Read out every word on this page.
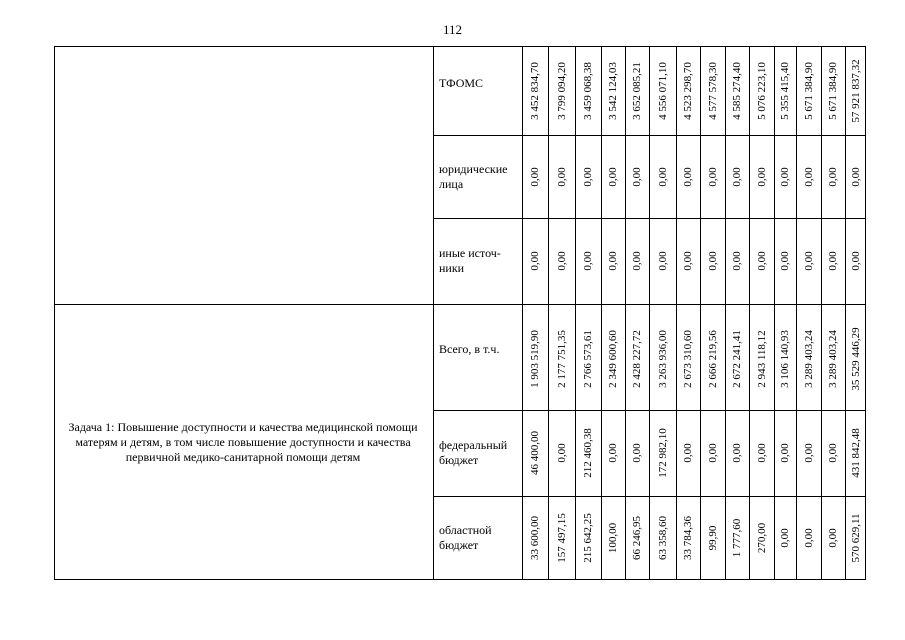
112
Задача 1: Повышение доступности и качества медицинской помощи матерям и детям, в том числе повышение доступности и качества первичной медико-санитарной помощи детям
ТФОМС	3 452 834,70 3 799 094,20 3 459 068,38 3 542 124,03 3 652 085,21 4 556 071,10 4 523 298,70 4 577 578,30 4 585 274,40 5 076 223,10 5 355 415,40 5 671 384,90 5 671 384,90 57 921 837,32
юридические лица	0,00 0,00 0,00 0,00 0,00 0,00 0,00 0,00 0,00 0,00 0,00 0,00 0,00 0,00
иные источ-ники	0,00 0,00 0,00 0,00 0,00 0,00 0,00 0,00 0,00 0,00 0,00 0,00 0,00 0,00
Всего, в т.ч.	1 903 519,90 2 177 751,35 2 766 573,61 2 349 600,60 2 428 227,72 3 263 936,00 2 673 310,60 2 666 219,56 2 672 241,41 2 943 118,12 3 106 140,93 3 289 403,24 3 289 403,24 35 529 446,29
федеральный бюджет	46 400,00 0,00 212 460,38 0,00 0,00 172 982,10 0,00 0,00 0,00 0,00 0,00 0,00 0,00 431 842,48
областной бюджет	33 600,00 157 497,15 215 642,25 100,00 66 246,95 63 358,60 33 784,36 99,90 1 777,60 270,00 0,00 0,00 0,00 570 629,11
